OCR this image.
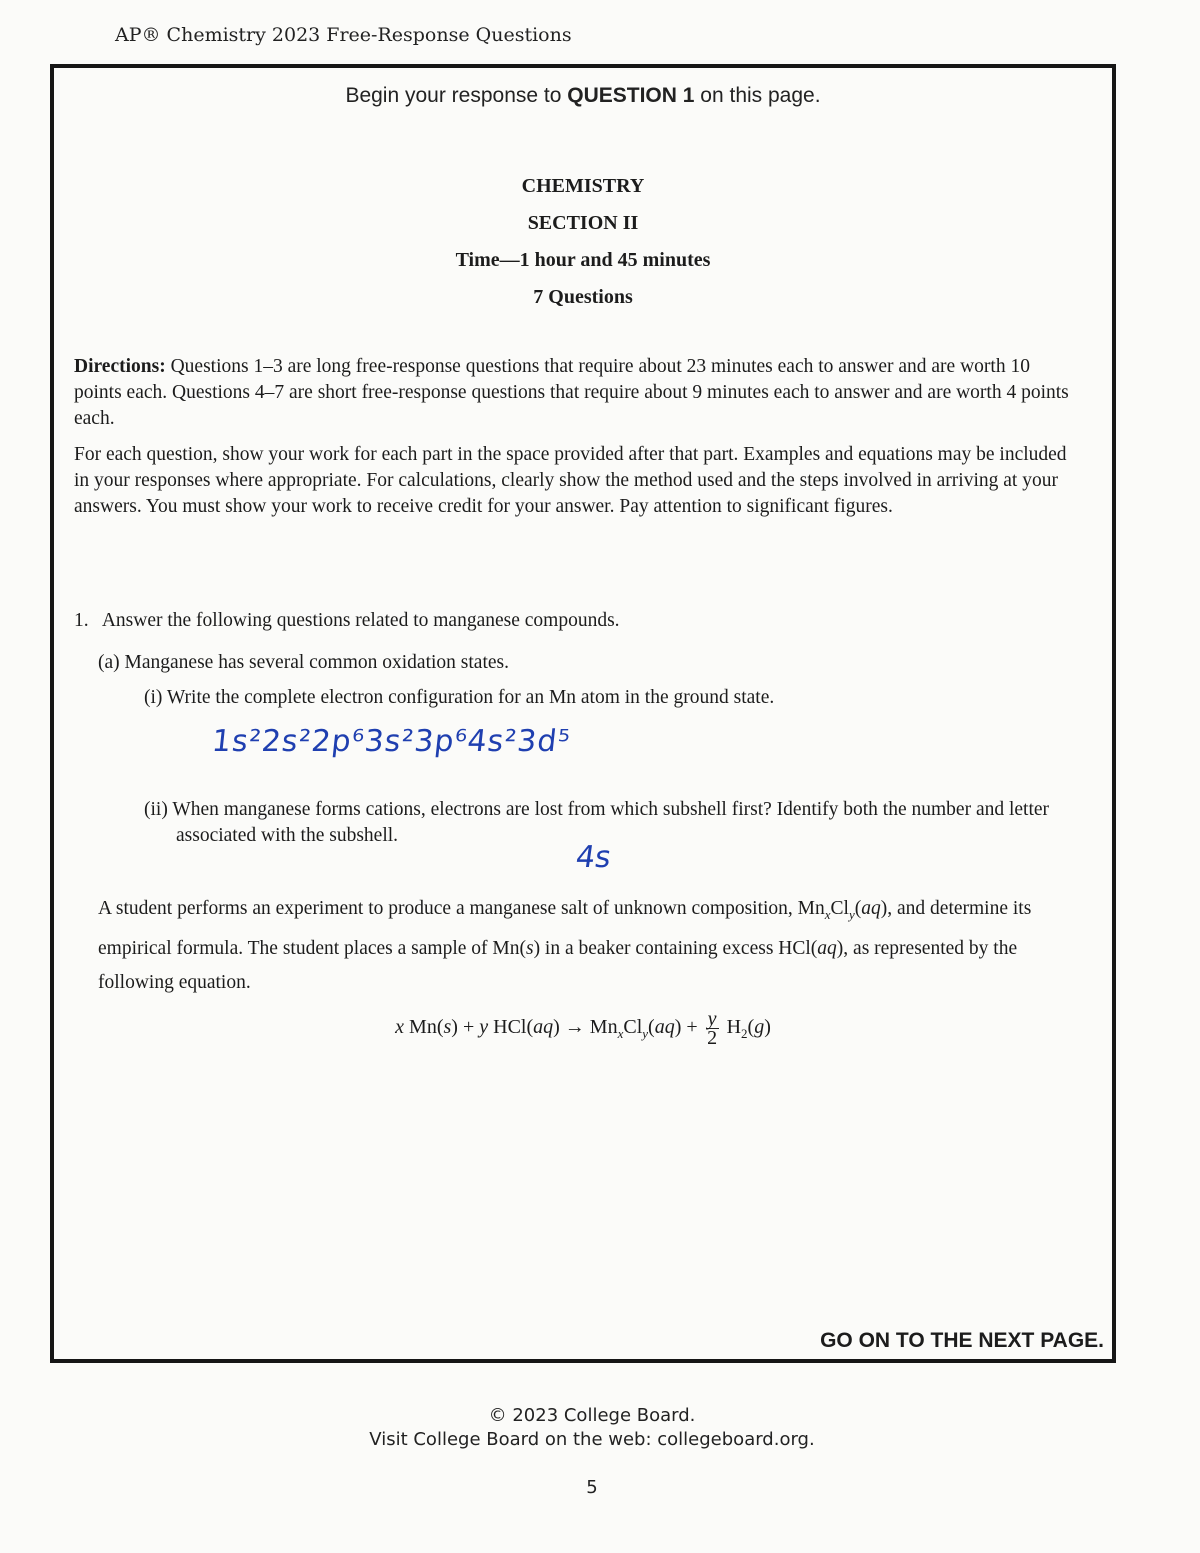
AP® Chemistry 2023 Free-Response Questions
Begin your response to QUESTION 1 on this page.
CHEMISTRY
SECTION II
Time—1 hour and 45 minutes
7 Questions

Directions: Questions 1–3 are long free-response questions that require about 23 minutes each to answer and are worth 10 points each. Questions 4–7 are short free-response questions that require about 9 minutes each to answer and are worth 4 points each.

For each question, show your work for each part in the space provided after that part. Examples and equations may be included in your responses where appropriate. For calculations, clearly show the method used and the steps involved in arriving at your answers. You must show your work to receive credit for your answer. Pay attention to significant figures.

1. Answer the following questions related to manganese compounds.
(a) Manganese has several common oxidation states.
(i) Write the complete electron configuration for an Mn atom in the ground state.
1s²2s²2p⁶3s²3p⁶4s²3d⁵
(ii) When manganese forms cations, electrons are lost from which subshell first? Identify both the number and letter associated with the subshell.
4s
A student performs an experiment to produce a manganese salt of unknown composition, $Mn_xCl_y(aq)$, and determine its empirical formula. The student places a sample of Mn(s) in a beaker containing excess HCl(aq), as represented by the following equation.
x Mn(s) + y $HCl(aq) \to Mn_xCl_y(aq) + \frac{y}{2} H_2(g)$
GO ON TO THE NEXT PAGE.
© 2023 College Board.
Visit College Board on the web: collegeboard.org.
5
